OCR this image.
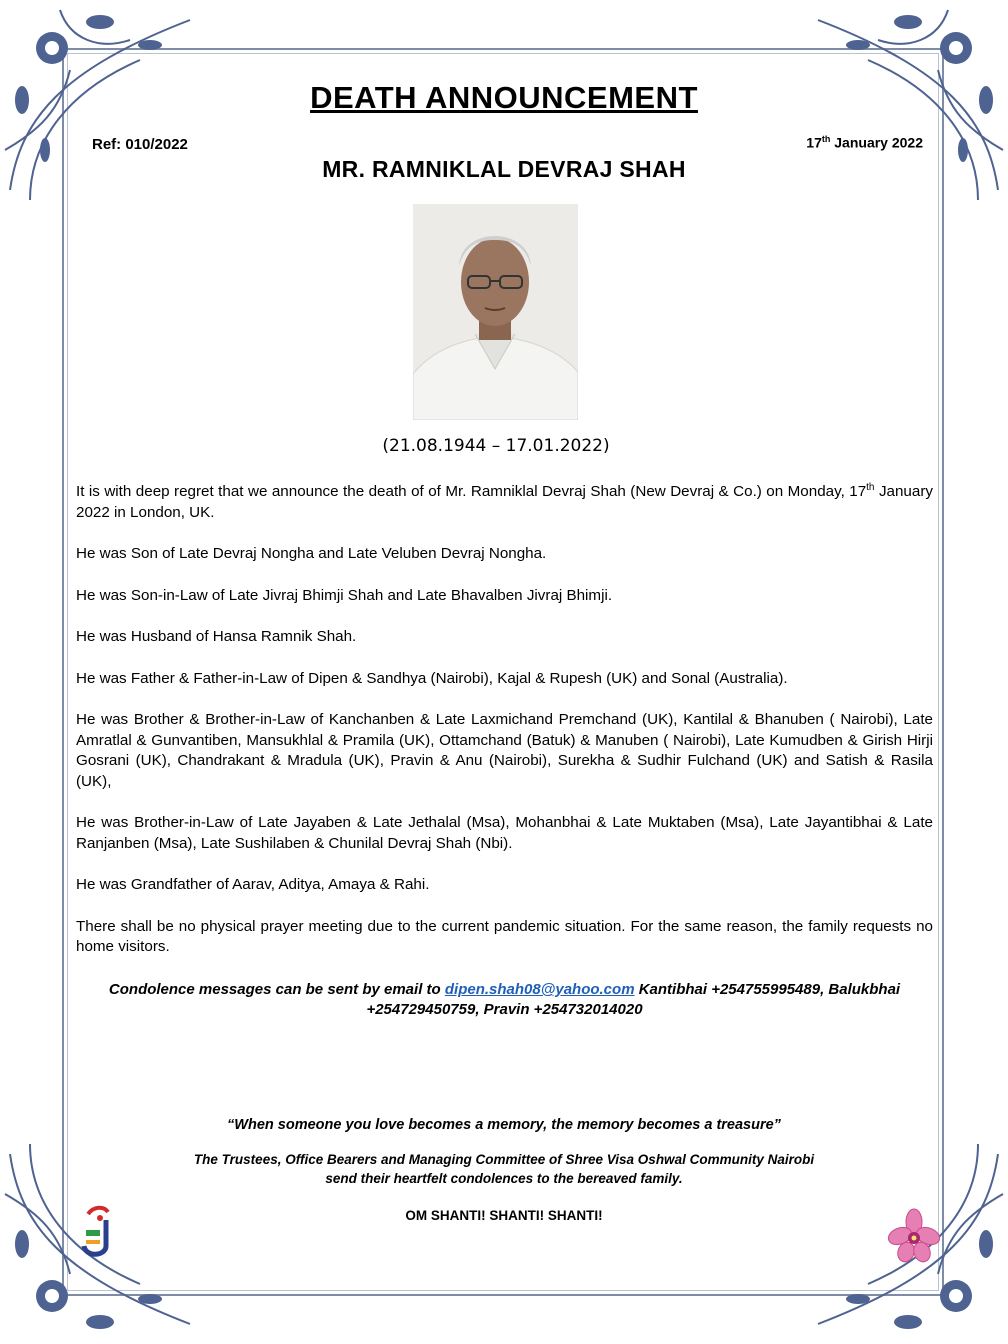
DEATH ANNOUNCEMENT
Ref: 010/2022	17th January 2022
MR. RAMNIKLAL DEVRAJ SHAH
(21.08.1944 – 17.01.2022)

It is with deep regret that we announce the death of of Mr. Ramniklal Devraj Shah (New Devraj & Co.) on Monday, 17th January 2022 in London, UK.

He was Son of Late Devraj Nongha and Late Veluben Devraj Nongha.

He was Son-in-Law of Late Jivraj Bhimji Shah and Late Bhavalben Jivraj Bhimji.

He was Husband of Hansa Ramnik Shah.

He was Father & Father-in-Law of Dipen & Sandhya (Nairobi), Kajal & Rupesh (UK) and Sonal (Australia).

He was Brother & Brother-in-Law of Kanchanben & Late Laxmichand Premchand (UK), Kantilal & Bhanuben ( Nairobi), Late Amratlal & Gunvantiben, Mansukhlal & Pramila (UK), Ottamchand (Batuk) & Manuben ( Nairobi), Late Kumudben & Girish Hirji Gosrani (UK), Chandrakant & Mradula (UK), Pravin & Anu (Nairobi), Surekha & Sudhir Fulchand (UK) and Satish & Rasila (UK),

He was Brother-in-Law of Late Jayaben & Late Jethalal (Msa), Mohanbhai & Late Muktaben (Msa), Late Jayantibhai & Late Ranjanben (Msa), Late Sushilaben & Chunilal Devraj Shah (Nbi).

He was Grandfather of Aarav, Aditya, Amaya & Rahi.

There shall be no physical prayer meeting due to the current pandemic situation. For the same reason, the family requests no home visitors.

Condolence messages can be sent by email to dipen.shah08@yahoo.com Kantibhai +254755995489, Balukbhai +254729450759, Pravin +254732014020
“When someone you love becomes a memory, the memory becomes a treasure”
The Trustees, Office Bearers and Managing Committee of Shree Visa Oshwal Community Nairobi
send their heartfelt condolences to the bereaved family.
OM SHANTI! SHANTI! SHANTI!
